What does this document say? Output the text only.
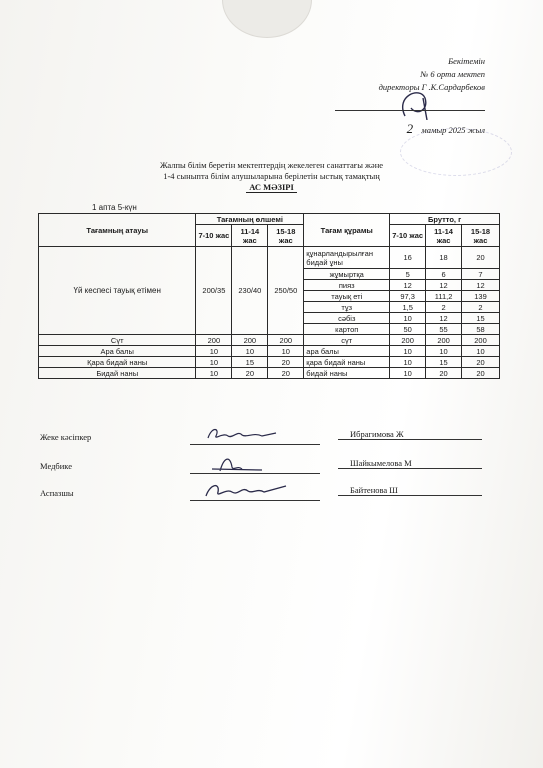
Бекітемін
№ 6 орта мектеп
директоры Г .К.Сардарбеков
2 мамыр 2025 жыл
Жалпы білім беретін мектептердің жекелеген санаттағы және
1-4 сыныпта білім алушыларына берілетін ыстық тамақтың
АС МӘЗІРІ
1 апта 5-күн
Тағамның атауы	Тағамның өлшемі			Тағам құрамы	Брутто, г		
	7-10 жас	11-14 жас	15-18 жас		7-10 жас	11-14 жас	15-18 жас
Үй кеспесі тауық етімен	200/35	230/40	250/50	құнарландырылған бидай ұны	16	18	20
				жұмыртқа	5	6	7
				пияз	12	12	12
				тауық еті	97,3	111,2	139
				тұз	1,5	2	2
				сәбіз	10	12	15
				картоп	50	55	58
Сүт	200	200	200	сүт	200	200	200
Ара балы	10	10	10	ара балы	10	10	10
Қара бидай наны	10	15	20	қара бидай наны	10	15	20
Бидай наны	10	20	20	бидай наны	10	20	20
Жеке кәсіпкер	Ибрагимова Ж
Медбике	Шайкымелова М
Аспазшы	Байтенова Ш
